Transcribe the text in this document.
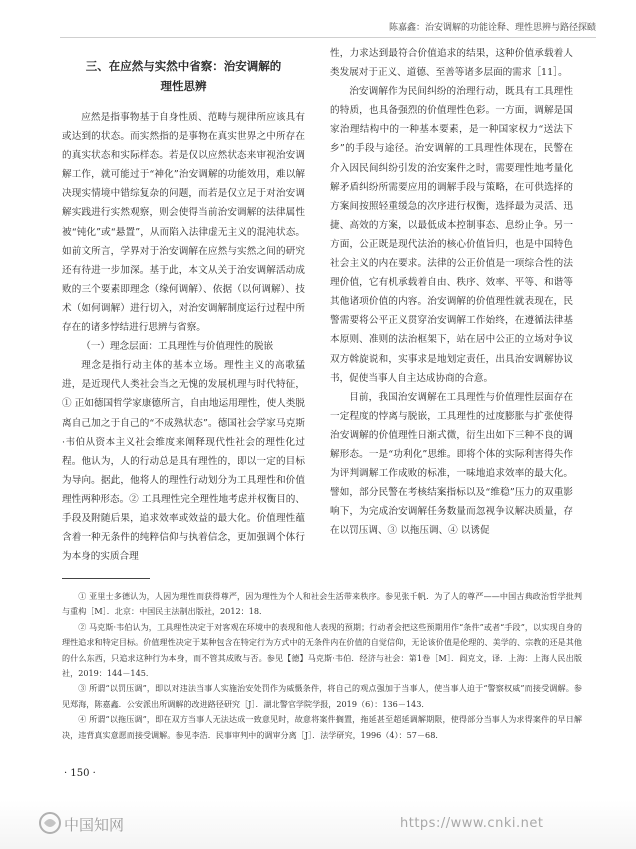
陈嘉鑫：治安调解的功能诠释、理性思辨与路径探赜
三、在应然与实然中省察：治安调解的
理性思辨

应然是指事物基于自身性质、范畴与规律所应该具有或达到的状态。而实然指的是事物在真实世界之中所存在的真实状态和实际样态。若是仅以应然状态来审视治安调解工作，就可能过于“神化”治安调解的功能效用，难以解决现实情境中错综复杂的问题，而若是仅立足于对治安调解实践进行实然观察，则会使得当前治安调解的法律属性被“钝化”或“悬置”，从而陷入法律虚无主义的混沌状态。如前文所言，学界对于治安调解在应然与实然之间的研究还有待进一步加深。基于此，本文从关于治安调解活动成败的三个要素即理念（缘何调解）、依据（以何调解）、技术（如何调解）进行切入，对治安调解制度运行过程中所存在的诸多悖结进行思辨与省察。

（一）理念层面：工具理性与价值理性的脱嵌

理念是指行动主体的基本立场。理性主义的高歌猛进，是近现代人类社会当之无愧的发展机理与时代特征，① 正如德国哲学家康德所言，自由地运用理性，使人类脱离自己加之于自己的“不成熟状态”。德国社会学家马克斯·韦伯从资本主义社会维度来阐释现代性社会的理性化过程。他认为，人的行动总是具有理性的，即以一定的目标为导向。据此，他将人的理性行动划分为工具理性和价值理性两种形态。② 工具理性完全理性地考虑并权衡目的、手段及附随后果，追求效率或效益的最大化。价值理性蕴含着一种无条件的纯粹信仰与执着信念，更加强调个体行为本身的实质合理

性，力求达到最符合价值追求的结果，这种价值承载着人类发展对于正义、道德、至善等诸多层面的需求［11］。

治安调解作为民间纠纷的治理行动，既具有工具理性的特质，也具备强烈的价值理性色彩。一方面，调解是国家治理结构中的一种基本要素，是一种国家权力“送法下乡”的手段与途径。治安调解的工具理性体现在，民警在介入因民间纠纷引发的治安案件之时，需要理性地考量化解矛盾纠纷所需要应用的调解手段与策略，在可供选择的方案间按照轻重缓急的次序进行权衡，选择最为灵活、迅捷、高效的方案，以最低成本控制事态、息纷止争。另一方面，公正既是现代法治的核心价值旨归，也是中国特色社会主义的内在要求。法律的公正价值是一项综合性的法理价值，它有机承载着自由、秩序、效率、平等、和谐等其他诸项价值的内容。治安调解的价值理性就表现在，民警需要将公平正义贯穿治安调解工作始终，在遵循法律基本原则、准则的法治框架下，站在居中公正的立场对争议双方斡旋说和，实事求是地划定责任，出具治安调解协议书，促使当事人自主达成协商的合意。

目前，我国治安调解在工具理性与价值理性层面存在一定程度的悖离与脱嵌，工具理性的过度膨胀与扩张使得治安调解的价值理性日渐式微，衍生出如下三种不良的调解形态。一是“功利化”思维。即将个体的实际利害得失作为评判调解工作成败的标准，一味地追求效率的最大化。譬如，部分民警在考核结案指标以及“维稳”压力的双重影响下，为完成治安调解任务数量而忽视争议解决质量，存在以罚压调、③ 以拖压调、④ 以诱促

① 亚里士多德认为，人因为理性而获得尊严，因为理性为个人和社会生活带来秩序。参见张千帆．为了人的尊严——中国古典政治哲学批判与重构［M］．北京：中国民主法制出版社，2012：18．

② 马克斯·韦伯认为，工具理性决定于对客观在环境中的表现和他人表现的预期；行动者会把这些预期用作“条件”或者“手段”，以实现自身的理性追求和特定目标。价值理性决定于某种包含在特定行为方式中的无条件内在价值的自觉信仰，无论该价值是伦理的、美学的、宗教的还是其他的什么东西，只追求这种行为本身，而不管其成败与否。参见【德】马克斯·韦伯．经济与社会：第1卷［M］．阎克文，译．上海：上海人民出版社，2019：144－145．

③ 所谓“以罚压调”，即以对违法当事人实施治安处罚作为威慑条件，将自己的观点强加于当事人，使当事人迫于“警察权威”而接受调解。参见郑海，陈嘉鑫．公安派出所调解的改进路径研究［J］．湖北警官学院学报，2019（6）：136－143．

④ 所谓“以拖压调”，即在双方当事人无法达成一致意见时，故意将案件搁置，拖延甚至超延调解期限，使得部分当事人为求得案件的早日解决，违背真实意愿而接受调解。参见李浩．民事审判中的调审分离［J］．法学研究，1996（4）：57－68．

· 150 ·
中国知网	https://www.cnki.net
